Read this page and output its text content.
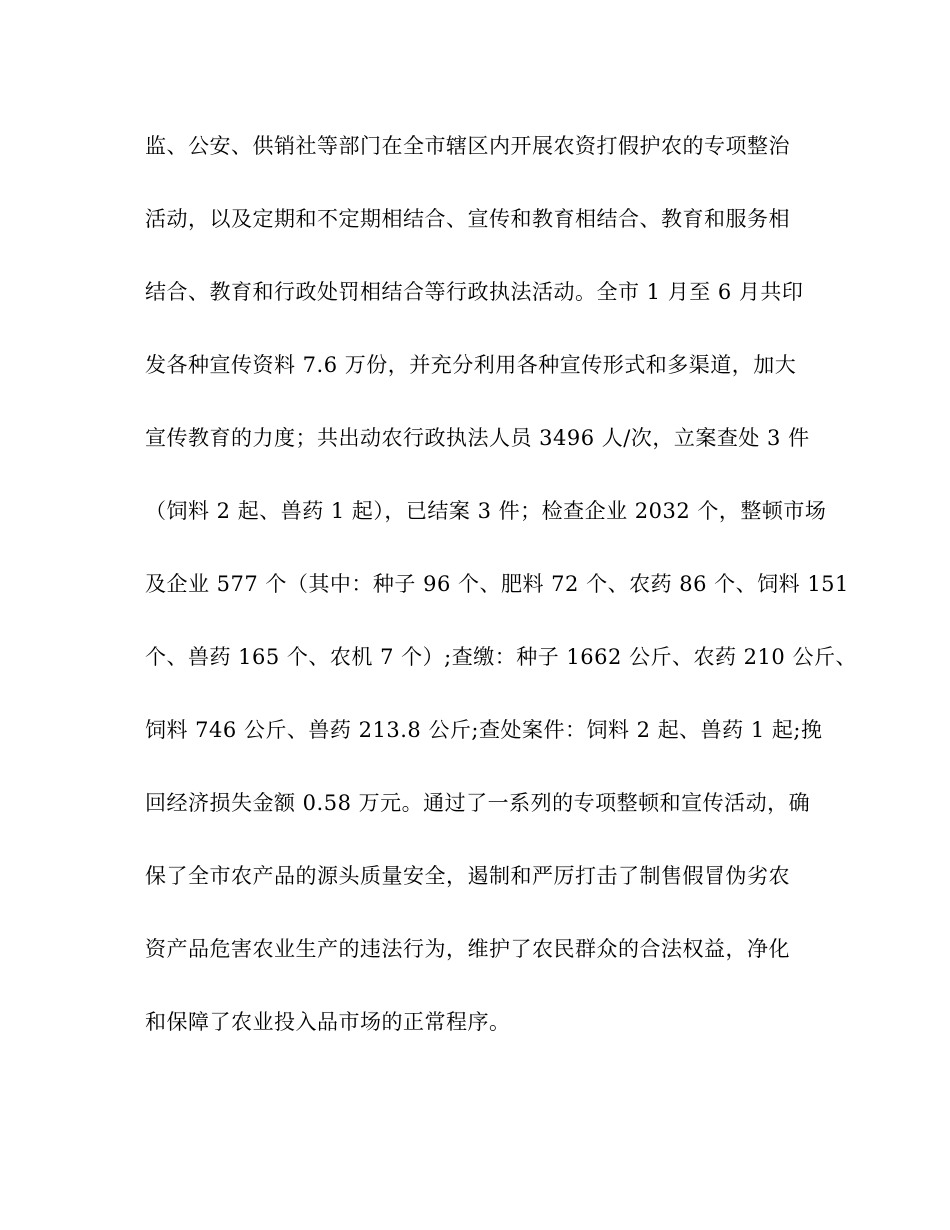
监、公安、供销社等部门在全市辖区内开展农资打假护农的专项整治
活动，以及定期和不定期相结合、宣传和教育相结合、教育和服务相
结合、教育和行政处罚相结合等行政执法活动。全市 1 月至 6 月共印
发各种宣传资料 7.6 万份，并充分利用各种宣传形式和多渠道，加大
宣传教育的力度；共出动农行政执法人员 3496 人/次，立案查处 3 件
（饲料 2 起、兽药 1 起），已结案 3 件；检查企业 2032 个，整顿市场
及企业 577 个（其中：种子 96 个、肥料 72 个、农药 86 个、饲料 151
个、兽药 165 个、农机 7 个）;查缴：种子 1662 公斤、农药 210 公斤、
饲料 746 公斤、兽药 213.8 公斤;查处案件：饲料 2 起、兽药 1 起;挽
回经济损失金额 0.58 万元。通过了一系列的专项整顿和宣传活动，确
保了全市农产品的源头质量安全，遏制和严厉打击了制售假冒伪劣农
资产品危害农业生产的违法行为，维护了农民群众的合法权益，净化
和保障了农业投入品市场的正常程序。
